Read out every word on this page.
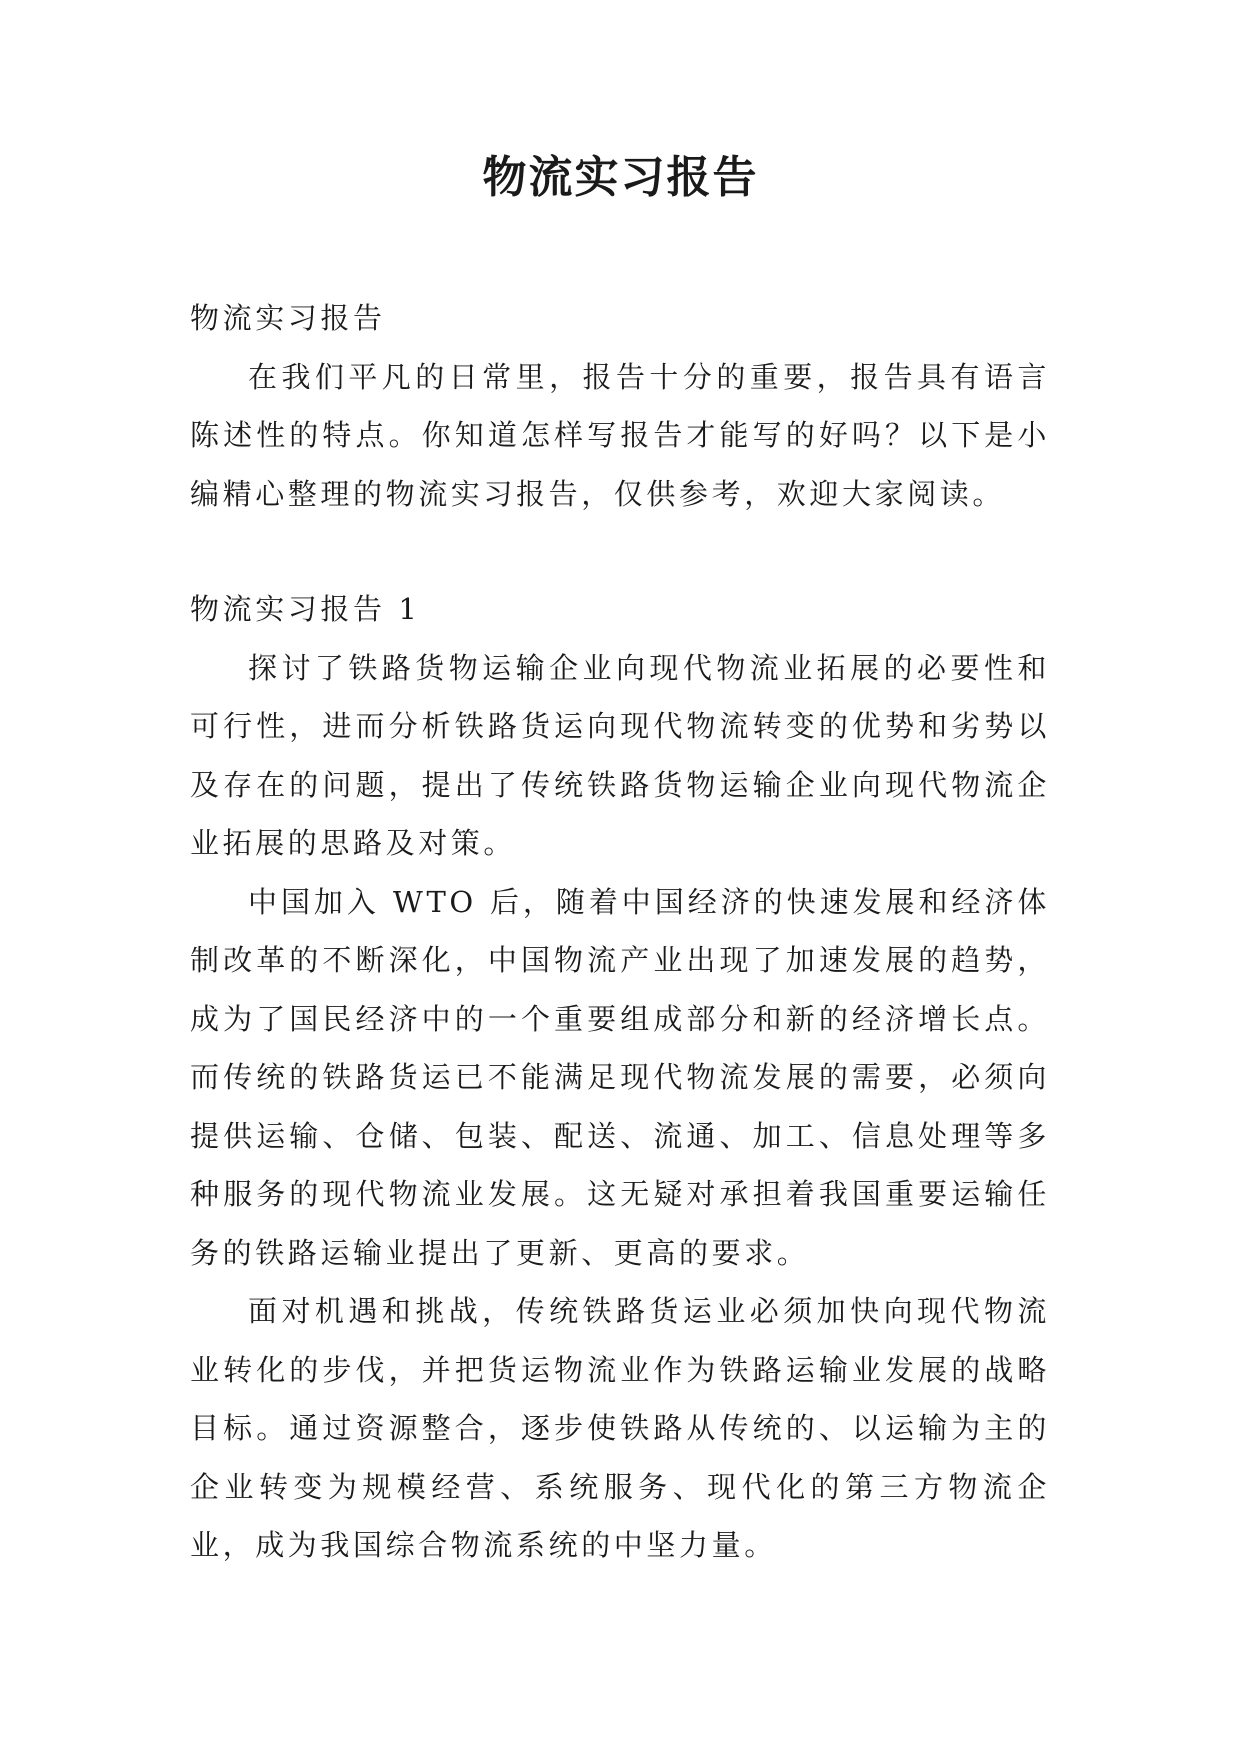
物流实习报告

物流实习报告

在我们平凡的日常里，报告十分的重要，报告具有语言陈述性的特点。你知道怎样写报告才能写的好吗？以下是小编精心整理的物流实习报告，仅供参考，欢迎大家阅读。

物流实习报告 1

探讨了铁路货物运输企业向现代物流业拓展的必要性和可行性，进而分析铁路货运向现代物流转变的优势和劣势以及存在的问题，提出了传统铁路货物运输企业向现代物流企业拓展的思路及对策。

中国加入 WTO 后，随着中国经济的快速发展和经济体制改革的不断深化，中国物流产业出现了加速发展的趋势，成为了国民经济中的一个重要组成部分和新的经济增长点。而传统的铁路货运已不能满足现代物流发展的需要，必须向提供运输、仓储、包装、配送、流通、加工、信息处理等多种服务的现代物流业发展。这无疑对承担着我国重要运输任务的铁路运输业提出了更新、更高的要求。

面对机遇和挑战，传统铁路货运业必须加快向现代物流业转化的步伐，并把货运物流业作为铁路运输业发展的战略目标。通过资源整合，逐步使铁路从传统的、以运输为主的企业转变为规模经营、系统服务、现代化的第三方物流企业，成为我国综合物流系统的中坚力量。
